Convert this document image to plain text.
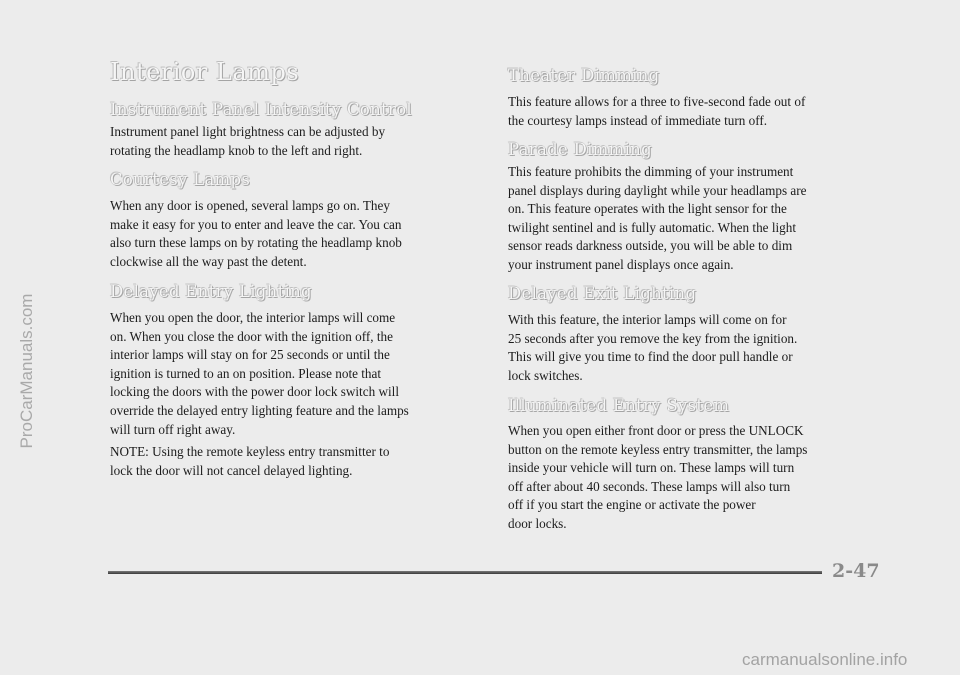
Interior Lamps
Instrument Panel Intensity Control

Instrument panel light brightness can be adjusted by
rotating the headlamp knob to the left and right.

Courtesy Lamps

When any door is opened, several lamps go on. They
make it easy for you to enter and leave the car. You can
also turn these lamps on by rotating the headlamp knob
clockwise all the way past the detent.

Delayed Entry Lighting

When you open the door, the interior lamps will come
on. When you close the door with the ignition off, the
interior lamps will stay on for 25 seconds or until the
ignition is turned to an on position. Please note that
locking the doors with the power door lock switch will
override the delayed entry lighting feature and the lamps
will turn off right away.

NOTE: Using the remote keyless entry transmitter to
lock the door will not cancel delayed lighting.

Theater Dimming

This feature allows for a three to five-second fade out of
the courtesy lamps instead of immediate turn off.

Parade Dimming

This feature prohibits the dimming of your instrument
panel displays during daylight while your headlamps are
on. This feature operates with the light sensor for the
twilight sentinel and is fully automatic. When the light
sensor reads darkness outside, you will be able to dim
your instrument panel displays once again.

Delayed Exit Lighting

With this feature, the interior lamps will come on for
25 seconds after you remove the key from the ignition.
This will give you time to find the door pull handle or
lock switches.

Illuminated Entry System

When you open either front door or press the UNLOCK
button on the remote keyless entry transmitter, the lamps
inside your vehicle will turn on. These lamps will turn
off after about 40 seconds. These lamps will also turn
off if you start the engine or activate the power
door locks.

2-47
ProCarManuals.com
carmanualsonline.info
